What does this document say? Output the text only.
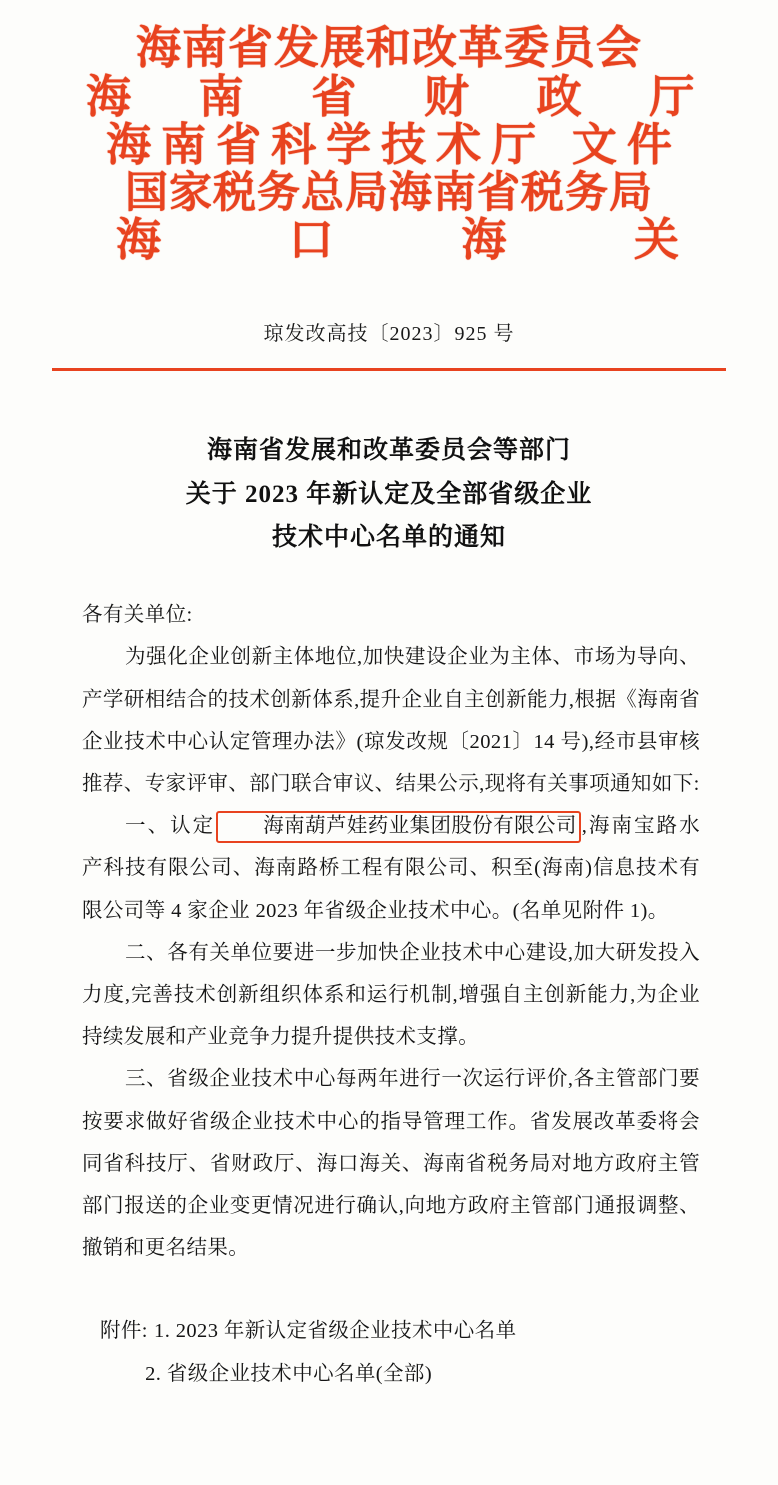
海南省发展和改革委员会
海 南 省 财 政 厅
海南省科学技术厅 文件
国家税务总局海南省税务局
海 口 海 关
琼发改高技〔2023〕925 号
海南省发展和改革委员会等部门
关于 2023 年新认定及全部省级企业
技术中心名单的通知

各有关单位:

为强化企业创新主体地位,加快建设企业为主体、市场为导向、产学研相结合的技术创新体系,提升企业自主创新能力,根据《海南省企业技术中心认定管理办法》(琼发改规〔2021〕14 号),经市县审核推荐、专家评审、部门联合审议、结果公示,现将有关事项通知如下:

一、认定 海南葫芦娃药业集团股份有限公司 ,海南宝路水产科技有限公司、海南路桥工程有限公司、积至(海南)信息技术有限公司等 4 家企业 2023 年省级企业技术中心。(名单见附件 1)。

二、各有关单位要进一步加快企业技术中心建设,加大研发投入力度,完善技术创新组织体系和运行机制,增强自主创新能力,为企业持续发展和产业竞争力提升提供技术支撑。

三、省级企业技术中心每两年进行一次运行评价,各主管部门要按要求做好省级企业技术中心的指导管理工作。省发展改革委将会同省科技厅、省财政厅、海口海关、海南省税务局对地方政府主管部门报送的企业变更情况进行确认,向地方政府主管部门通报调整、撤销和更名结果。

附件: 1. 2023 年新认定省级企业技术中心名单
2. 省级企业技术中心名单(全部)
